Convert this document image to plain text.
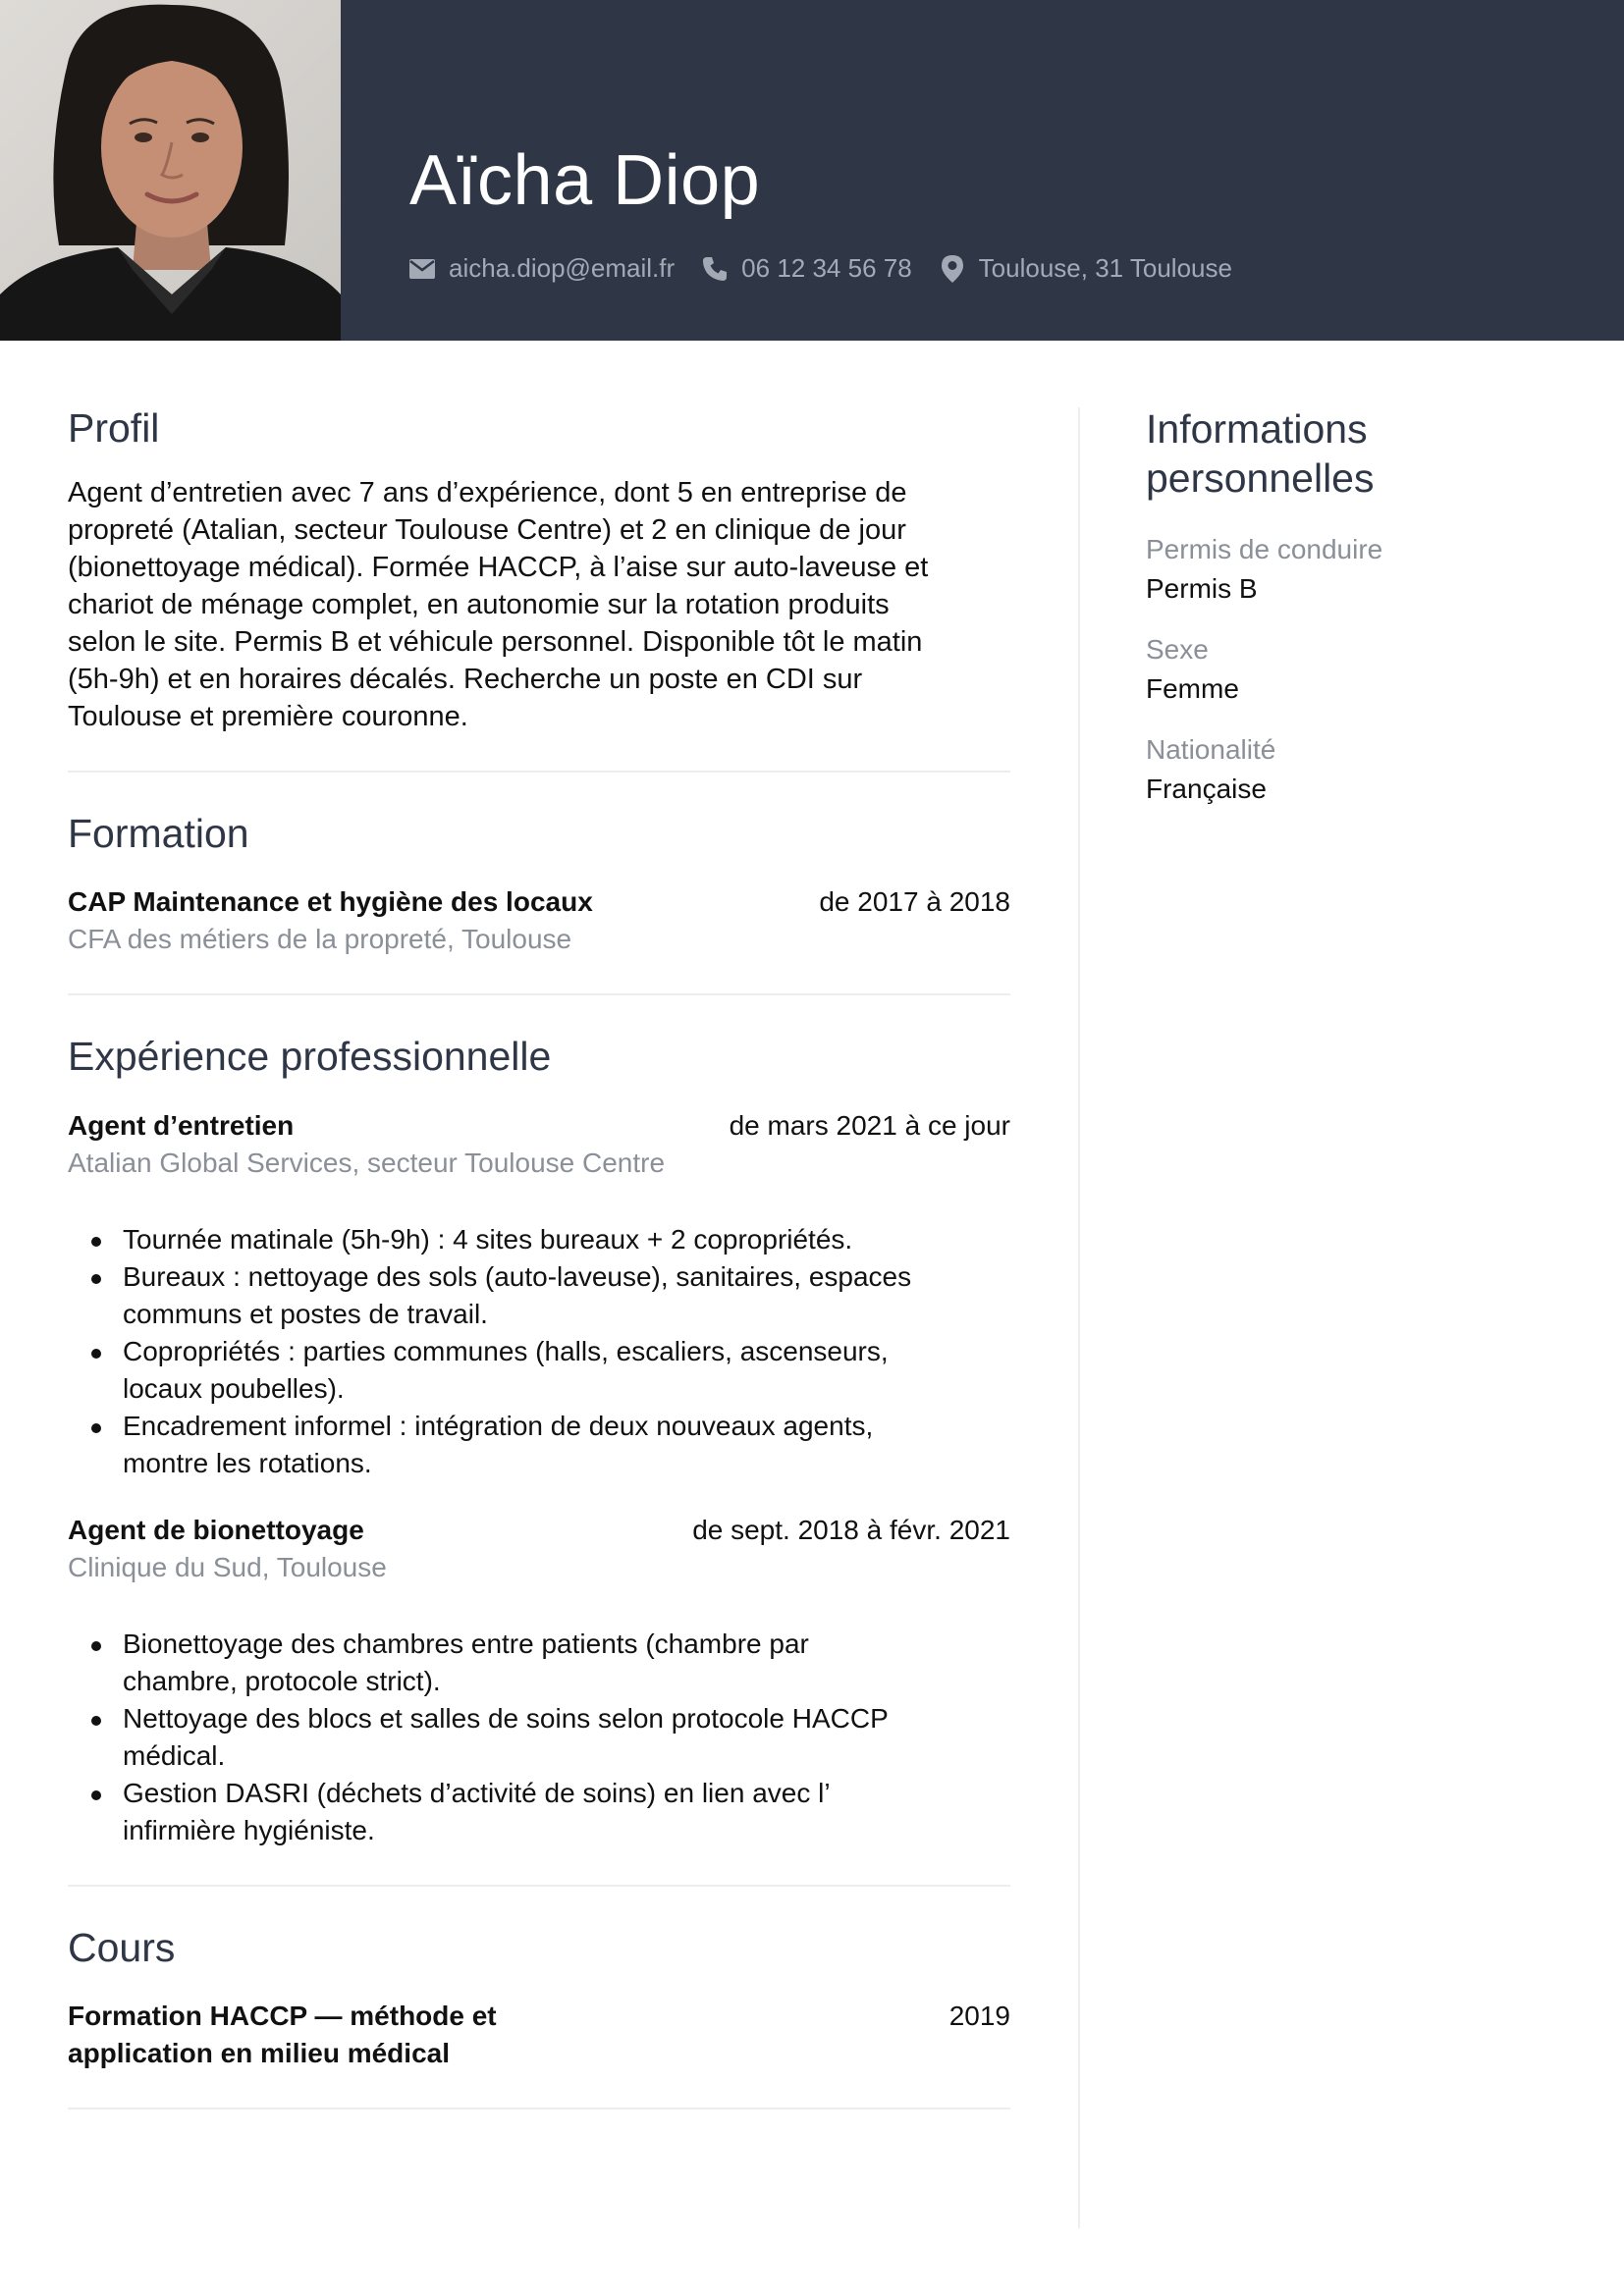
Aïcha Diop
aicha.diop@email.fr	06 12 34 56 78	Toulouse, 31 Toulouse
Profil
Agent d’entretien avec 7 ans d’expérience, dont 5 en entreprise de
propreté (Atalian, secteur Toulouse Centre) et 2 en clinique de jour
(bionettoyage médical). Formée HACCP, à l’aise sur auto-laveuse et
chariot de ménage complet, en autonomie sur la rotation produits
selon le site. Permis B et véhicule personnel. Disponible tôt le matin
(5h-9h) et en horaires décalés. Recherche un poste en CDI sur
Toulouse et première couronne.
Formation
CAP Maintenance et hygiène des locaux	de 2017 à 2018
CFA des métiers de la propreté, Toulouse
Expérience professionnelle
Agent d’entretien	de mars 2021 à ce jour
Atalian Global Services, secteur Toulouse Centre
Tournée matinale (5h-9h) : 4 sites bureaux + 2 copropriétés.
Bureaux : nettoyage des sols (auto-laveuse), sanitaires, espaces
communs et postes de travail.
Copropriétés : parties communes (halls, escaliers, ascenseurs,
locaux poubelles).
Encadrement informel : intégration de deux nouveaux agents,
montre les rotations.
Agent de bionettoyage	de sept. 2018 à févr. 2021
Clinique du Sud, Toulouse
Bionettoyage des chambres entre patients (chambre par
chambre, protocole strict).
Nettoyage des blocs et salles de soins selon protocole HACCP
médical.
Gestion DASRI (déchets d’activité de soins) en lien avec l’
infirmière hygiéniste.
Cours
Formation HACCP — méthode et
application en milieu médical
2019
Informations
personnelles
Permis de conduire
Permis B
Sexe
Femme
Nationalité
Française
